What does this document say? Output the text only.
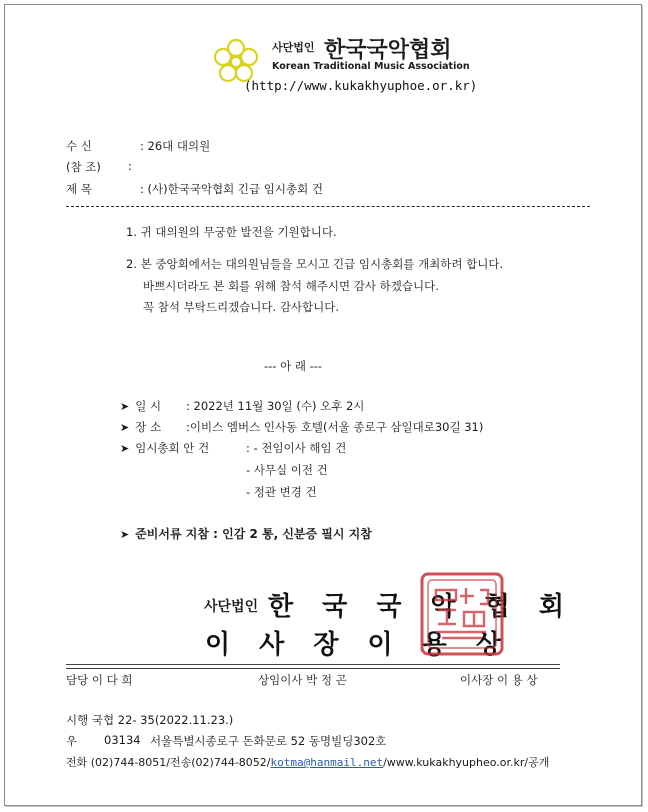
사단법인 한국국악협회
Korean Traditional Music Association
(http://www.kukakhyuphoe.or.kr)
수 신	: 26대 대의원
(참 조) :
제 목	: (사)한국국악협회 긴급 임시총회 건
1. 귀 대의원의 무궁한 발전을 기원합니다.
2. 본 중앙회에서는 대의원님들을 모시고 긴급 임시총회를 개최하려 합니다.
바쁘시더라도 본 회를 위해 참석 해주시면 감사 하겠습니다.
꼭 참석 부탁드리겠습니다. 감사합니다.
--- 아 래 ---
➤ 일 시 : 2022년 11월 30일 (수) 오후 2시
➤ 장 소 :이비스 엠버스 인사동 호텔(서울 종로구 삼일대로30길 31)
➤ 임시총회 안 건	: - 전임이사 해임 건
- 사무실 이전 건
- 정관 변경 건
➤ 준비서류 지참 : 인감 2 통, 신분증 필시 지참
사단법인 한 국 국 악 협 회
이 사 장 이 용 상
담당 이 다 희	상임이사 박 정 곤	이사장 이 용 상
시행 국협 22- 35(2022.11.23.)
우 03134 서울특별시종로구 돈화문로 52 동명빌딩302호
전화 (02)744-8051/전송(02)744-8052/kotma@hanmail.net/www.kukakhyupheo.or.kr/공개
